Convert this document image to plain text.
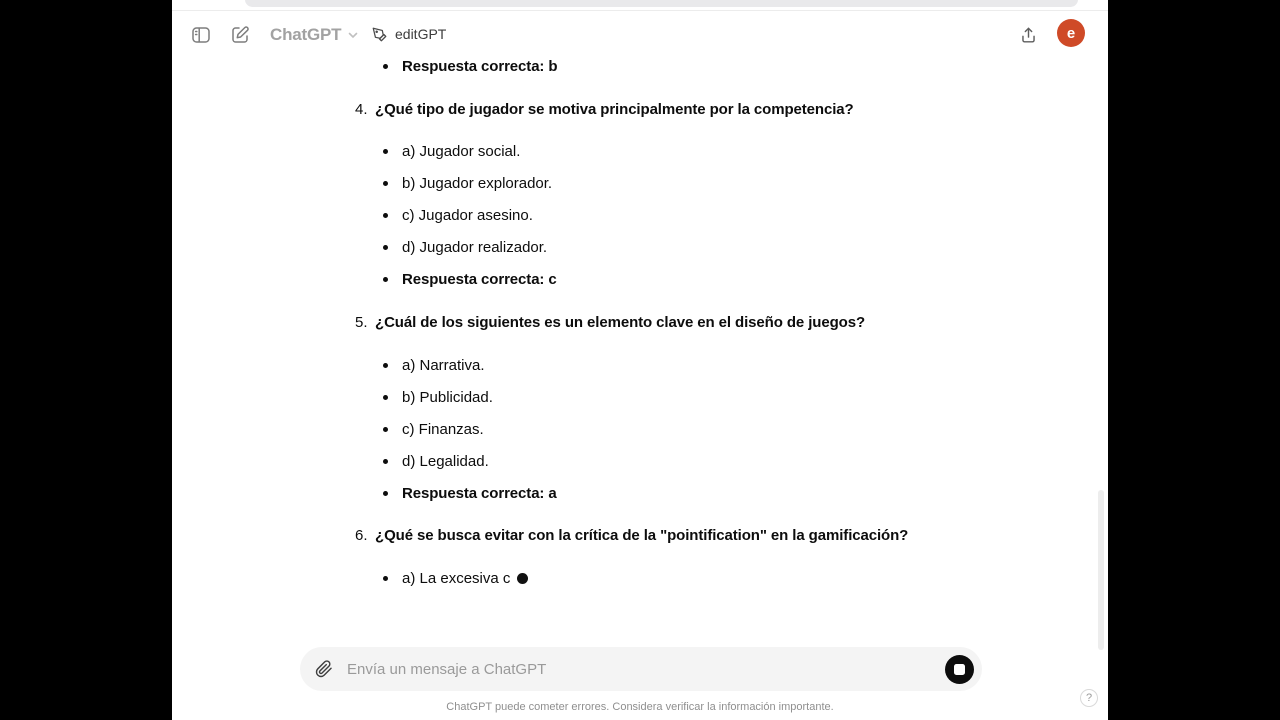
ChatGPT	editGPT	e
Respuesta correcta: b
4. ¿Qué tipo de jugador se motiva principalmente por la competencia?
a) Jugador social.
b) Jugador explorador.
c) Jugador asesino.
d) Jugador realizador.
Respuesta correcta: c
5. ¿Cuál de los siguientes es un elemento clave en el diseño de juegos?
a) Narrativa.
b) Publicidad.
c) Finanzas.
d) Legalidad.
Respuesta correcta: a
6. ¿Qué se busca evitar con la crítica de la "pointification" en la gamificación?
a) La excesiva c
Envía un mensaje a ChatGPT
ChatGPT puede cometer errores. Considera verificar la información importante.
?
